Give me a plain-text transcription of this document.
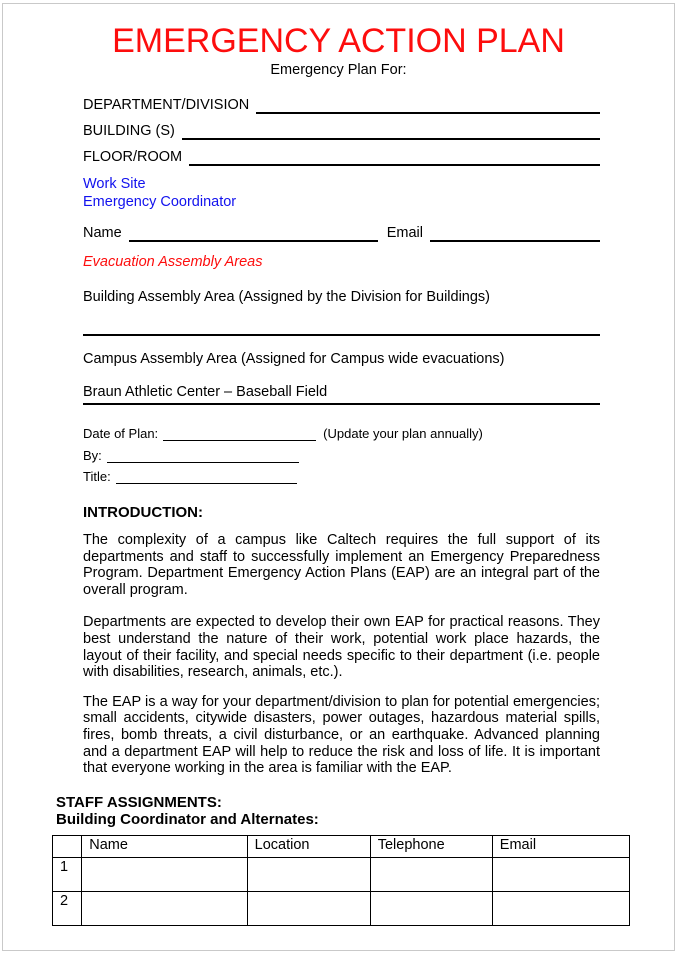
EMERGENCY ACTION PLAN
Emergency Plan For:
DEPARTMENT/DIVISION
BUILDING (S)
FLOOR/ROOM
Work Site
Emergency Coordinator
Name	Email
Evacuation Assembly Areas
Building Assembly Area (Assigned by the Division for Buildings)
Campus Assembly Area (Assigned for Campus wide evacuations)
Braun Athletic Center – Baseball Field
Date of Plan:	(Update your plan annually)
By:
Title:
INTRODUCTION:

The complexity of a campus like Caltech requires the full support of its departments and staff to successfully implement an Emergency Preparedness Program. Department Emergency Action Plans (EAP) are an integral part of the overall program.

Departments are expected to develop their own EAP for practical reasons. They best understand the nature of their work, potential work place hazards, the layout of their facility, and special needs specific to their department (i.e. people with disabilities, research, animals, etc.).

The EAP is a way for your department/division to plan for potential emergencies; small accidents, citywide disasters, power outages, hazardous material spills, fires, bomb threats, a civil disturbance, or an earthquake. Advanced planning and a department EAP will help to reduce the risk and loss of life. It is important that everyone working in the area is familiar with the EAP.

STAFF ASSIGNMENTS:
Building Coordinator and Alternates:
	Name	Location	Telephone	Email
1				
2				
